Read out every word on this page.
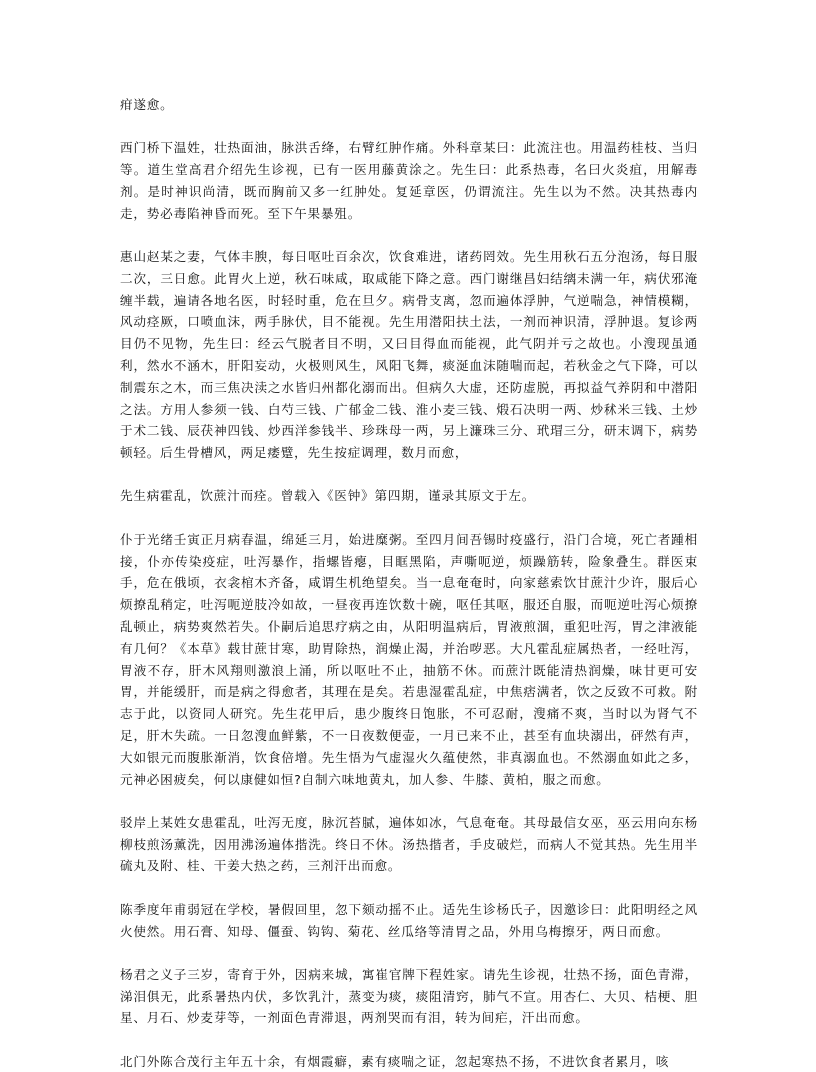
疳遂愈。

西门桥下温姓，壮热面油，脉洪舌绛，右臂红肿作痛。外科章某曰：此流注也。用温药桂枝、当归等。道生堂高君介绍先生诊视，已有一医用藤黄涂之。先生曰：此系热毒，名曰火炎疽，用解毒剂。是时神识尚清，既而胸前又多一红肿处。复延章医，仍谓流注。先生以为不然。决其热毒内走，势必毒陷神昏而死。至下午果暴殂。

惠山赵某之妻，气体丰腴，每日呕吐百余次，饮食难进，诸药罔效。先生用秋石五分泡汤，每日服二次，三日愈。此胃火上逆，秋石味咸，取咸能下降之意。西门谢继昌妇结缡未满一年，病伏邪淹缠半载，遍请各地名医，时轻时重，危在旦夕。病骨支离，忽而遍体浮肿，气逆喘急，神情模糊，风动痉厥，口喷血沫，两手脉伏，目不能视。先生用潜阳扶土法，一剂而神识清，浮肿退。复诊两目仍不见物，先生曰：经云气脱者目不明，又曰目得血而能视，此气阴并亏之故也。小溲现虽通利，然水不涵木，肝阳妄动，火极则风生，风阳飞舞，痰涎血沫随喘而起，若秋金之气下降，可以制震东之木，而三焦决渎之水皆归州都化溺而出。但病久大虚，还防虚脱，再拟益气养阴和中潜阳之法。方用人参须一钱、白芍三钱、广郁金二钱、淮小麦三钱、煅石决明一两、炒秫米三钱、土炒于术二钱、辰茯神四钱、炒西洋参钱半、珍珠母一两，另上濂珠三分、玳瑁三分，研末调下，病势顿轻。后生骨槽风，两足痿躄，先生按症调理，数月而愈，

先生病霍乱，饮蔗汁而痊。曾载入《医钟》第四期，谨录其原文于左。

仆于光绪壬寅正月病春温，绵延三月，始进糜粥。至四月间吾锡时疫盛行，沿门合境，死亡者踵相接，仆亦传染疫症，吐泻暴作，指螺皆瘪，目眶黑陷，声嘶呃逆，烦躁筋转，险象叠生。群医束手，危在俄顷，衣衾棺木齐备，咸谓生机绝望矣。当一息奄奄时，向家慈索饮甘蔗汁少许，服后心烦撩乱稍定，吐泻呃逆肢冷如故，一昼夜再连饮数十碗，呕任其呕，服还自服，而呃逆吐泻心烦撩乱顿止，病势爽然若失。仆嗣后追思疗病之由，从阳明温病后，胃液煎涸，重犯吐泻，胃之津液能有几何？《本草》载甘蔗甘寒，助胃除热，润燥止渴，并治哕恶。大凡霍乱症属热者，一经吐泻，胃液不存，肝木风翔则激浪上涌，所以呕吐不止，抽筋不休。而蔗汁既能清热润燥，味甘更可安胃，并能缓肝，而是病之得愈者，其理在是矣。若患湿霍乱症，中焦痞满者，饮之反致不可救。附志于此，以资同人研究。先生花甲后，患少腹终日饱胀，不可忍耐，溲痛不爽，当时以为肾气不足，肝木失疏。一日忽溲血鲜紫，不一日夜数便壶，一月已来不止，甚至有血块溺出，砰然有声，大如银元而腹胀渐消，饮食倍增。先生悟为气虚湿火久蕴使然，非真溺血也。不然溺血如此之多，元神必困疲矣，何以康健如恒?自制六味地黄丸，加人参、牛膝、黄柏，服之而愈。

驳岸上某姓女患霍乱，吐泻无度，脉沉苔腻，遍体如冰，气息奄奄。其母最信女巫，巫云用向东杨柳枝煎汤薰洗，因用沸汤遍体揩洗。终日不休。汤热揩者，手皮破烂，而病人不觉其热。先生用半硫丸及附、桂、干姜大热之药，三剂汗出而愈。

陈季度年甫弱冠在学校，暑假回里，忽下颏动摇不止。适先生诊杨氏子，因邀诊曰：此阳明经之风火使然。用石膏、知母、僵蚕、钩钩、菊花、丝瓜络等清胃之品，外用乌梅擦牙，两日而愈。

杨君之义子三岁，寄育于外，因病来城，寓崔官牌下程姓家。请先生诊视，壮热不扬，面色青滞，涕泪俱无，此系暑热内伏，多饮乳汁，蒸变为痰，痰阻清窍，肺气不宣。用杏仁、大贝、桔梗、胆星、月石、炒麦芽等，一剂面色青滞退，两剂哭而有泪，转为间疟，汗出而愈。

北门外陈合茂行主年五十余，有烟霞癖，素有痰喘之证，忽起寒热不扬，不进饮食者累月，咳
